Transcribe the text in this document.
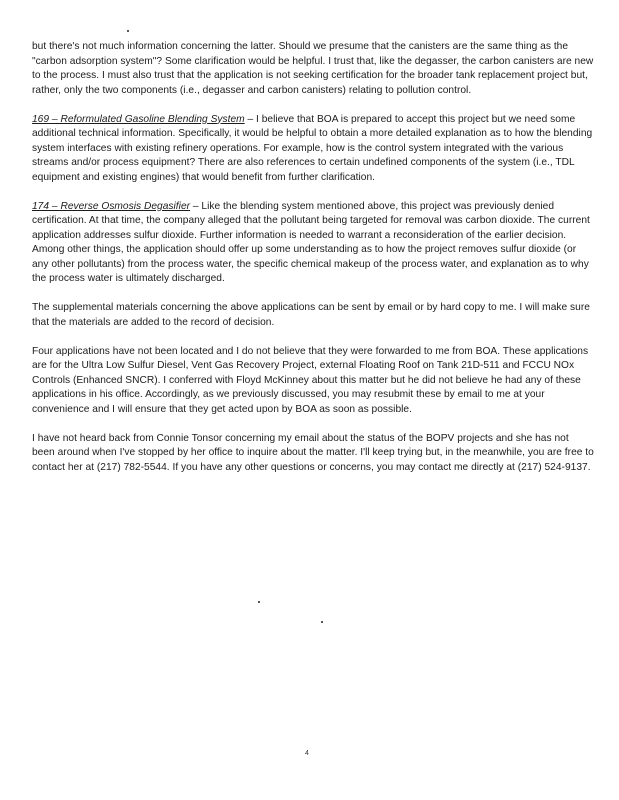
but there's not much information concerning the latter. Should we presume that the canisters are the same thing as the "carbon adsorption system"? Some clarification would be helpful. I trust that, like the degasser, the carbon canisters are new to the process. I must also trust that the application is not seeking certification for the broader tank replacement project but, rather, only the two components (i.e., degasser and carbon canisters) relating to pollution control.

169 – Reformulated Gasoline Blending System – I believe that BOA is prepared to accept this project but we need some additional technical information. Specifically, it would be helpful to obtain a more detailed explanation as to how the blending system interfaces with existing refinery operations. For example, how is the control system integrated with the various streams and/or process equipment? There are also references to certain undefined components of the system (i.e., TDL equipment and existing engines) that would benefit from further clarification.

174 – Reverse Osmosis Degasifier – Like the blending system mentioned above, this project was previously denied certification. At that time, the company alleged that the pollutant being targeted for removal was carbon dioxide. The current application addresses sulfur dioxide. Further information is needed to warrant a reconsideration of the earlier decision. Among other things, the application should offer up some understanding as to how the project removes sulfur dioxide (or any other pollutants) from the process water, the specific chemical makeup of the process water, and explanation as to why the process water is ultimately discharged.

The supplemental materials concerning the above applications can be sent by email or by hard copy to me. I will make sure that the materials are added to the record of decision.

Four applications have not been located and I do not believe that they were forwarded to me from BOA. These applications are for the Ultra Low Sulfur Diesel, Vent Gas Recovery Project, external Floating Roof on Tank 21D-511 and FCCU NOx Controls (Enhanced SNCR). I conferred with Floyd McKinney about this matter but he did not believe he had any of these applications in his office. Accordingly, as we previously discussed, you may resubmit these by email to me at your convenience and I will ensure that they get acted upon by BOA as soon as possible.

I have not heard back from Connie Tonsor concerning my email about the status of the BOPV projects and she has not been around when I've stopped by her office to inquire about the matter. I'll keep trying but, in the meanwhile, you are free to contact her at (217) 782-5544. If you have any other questions or concerns, you may contact me directly at (217) 524-9137.

4
